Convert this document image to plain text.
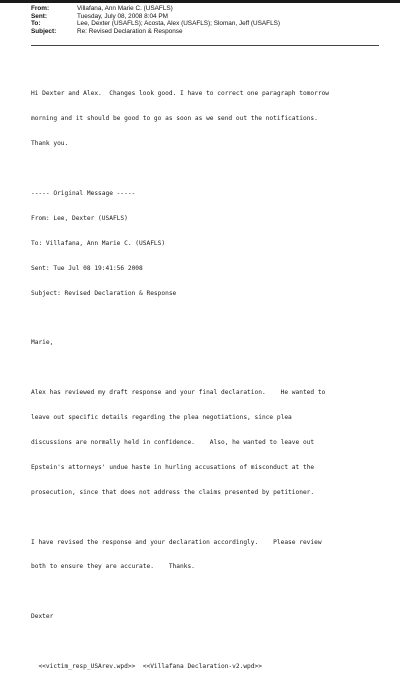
From:	Villafana, Ann Marie C. (USAFLS)
Sent:	Tuesday, July 08, 2008 8:04 PM
To:	Lee, Dexter (USAFLS); Acosta, Alex (USAFLS); Sloman, Jeff (USAFLS)
Subject:	Re: Revised Declaration & Response

Hi Dexter and Alex.  Changes look good. I have to correct one paragraph tomorrow

morning and it should be good to go as soon as we send out the notifications.

Thank you.

----- Original Message -----

From: Lee, Dexter (USAFLS)

To: Villafana, Ann Marie C. (USAFLS)

Sent: Tue Jul 08 19:41:56 2008

Subject: Revised Declaration & Response

Marie,

Alex has reviewed my draft response and your final declaration.    He wanted to

leave out specific details regarding the plea negotiations, since plea

discussions are normally held in confidence.    Also, he wanted to leave out

Epstein's attorneys' undue haste in hurling accusations of misconduct at the

prosecution, since that does not address the claims presented by petitioner.

I have revised the response and your declaration accordingly.    Please review

both to ensure they are accurate.    Thanks.

Dexter

<<victim_resp_USArev.wpd>>  <<Villafana Declaration-v2.wpd>>
